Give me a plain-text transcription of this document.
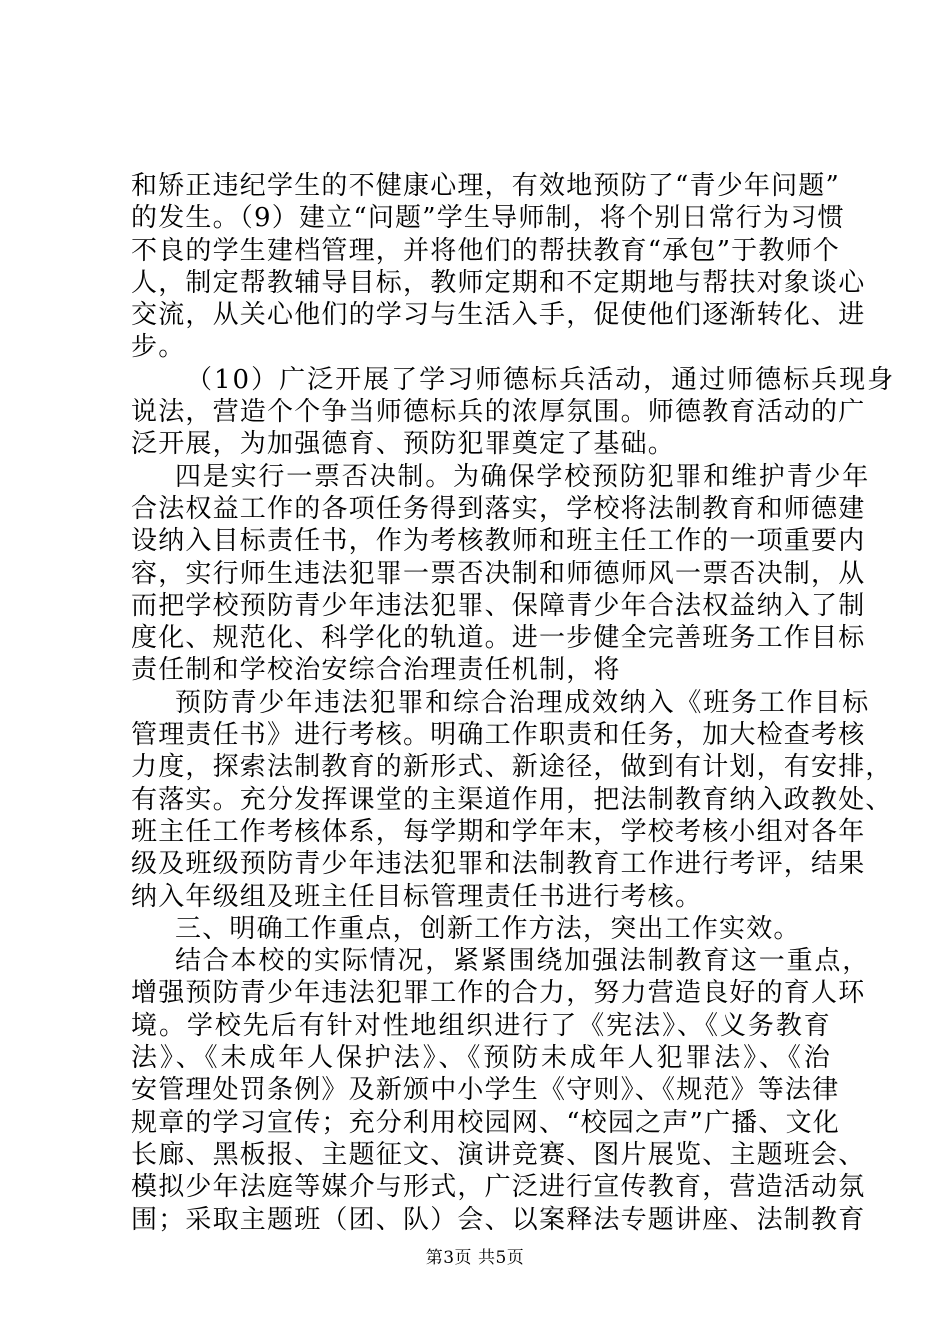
和矫正违纪学生的不健康心理，有效地预防了“青少年问题”
的发生。（9）建立“问题”学生导师制，将个别日常行为习惯
不良的学生建档管理，并将他们的帮扶教育“承包”于教师个
人，制定帮教辅导目标，教师定期和不定期地与帮扶对象谈心
交流，从关心他们的学习与生活入手，促使他们逐渐转化、进
步。
（10）广泛开展了学习师德标兵活动，通过师德标兵现身
说法，营造个个争当师德标兵的浓厚氛围。师德教育活动的广
泛开展，为加强德育、预防犯罪奠定了基础。
四是实行一票否决制。为确保学校预防犯罪和维护青少年
合法权益工作的各项任务得到落实，学校将法制教育和师德建
设纳入目标责任书，作为考核教师和班主任工作的一项重要内
容，实行师生违法犯罪一票否决制和师德师风一票否决制，从
而把学校预防青少年违法犯罪、保障青少年合法权益纳入了制
度化、规范化、科学化的轨道。进一步健全完善班务工作目标
责任制和学校治安综合治理责任机制，将
预防青少年违法犯罪和综合治理成效纳入《班务工作目标
管理责任书》进行考核。明确工作职责和任务，加大检查考核
力度，探索法制教育的新形式、新途径，做到有计划，有安排，
有落实。充分发挥课堂的主渠道作用，把法制教育纳入政教处、
班主任工作考核体系，每学期和学年末，学校考核小组对各年
级及班级预防青少年违法犯罪和法制教育工作进行考评，结果
纳入年级组及班主任目标管理责任书进行考核。
三、明确工作重点，创新工作方法，突出工作实效。
结合本校的实际情况，紧紧围绕加强法制教育这一重点，
增强预防青少年违法犯罪工作的合力，努力营造良好的育人环
境。学校先后有针对性地组织进行了《宪法》、《义务教育
法》、《未成年人保护法》、《预防未成年人犯罪法》、《治
安管理处罚条例》及新颁中小学生《守则》、《规范》等法律
规章的学习宣传；充分利用校园网、“校园之声”广播、文化
长廊、黑板报、主题征文、演讲竞赛、图片展览、主题班会、
模拟少年法庭等媒介与形式，广泛进行宣传教育，营造活动氛
围；采取主题班（团、队）会、以案释法专题讲座、法制教育
第3页 共5页
